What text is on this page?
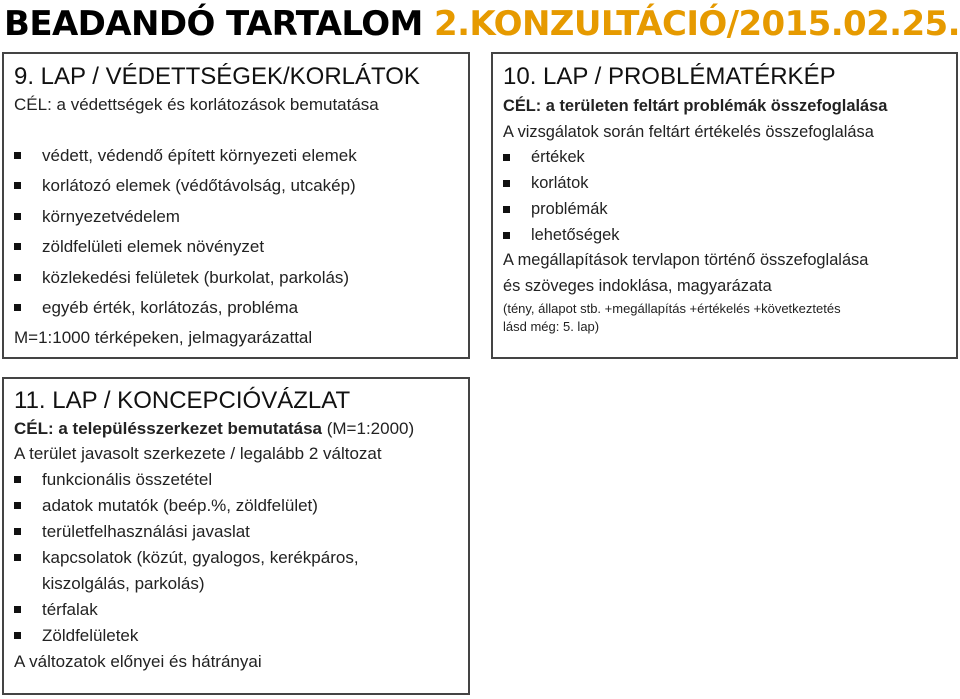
BEADANDÓ TARTALOM 2.KONZULTÁCIÓ/2015.02.25.
9. LAP / VÉDETTSÉGEK/KORLÁTOK
CÉL: a védettségek és korlátozások bemutatása
védett, védendő épített környezeti elemek
korlátozó elemek (védőtávolság, utcakép)
környezetvédelem
zöldfelületi elemek növényzet
közlekedési felületek (burkolat, parkolás)
egyéb érték, korlátozás, probléma
M=1:1000 térképeken, jelmagyarázattal
10. LAP / PROBLÉMATÉRKÉP
CÉL: a területen feltárt problémák összefoglalása
A vizsgálatok során feltárt értékelés összefoglalása
értékek
korlátok
problémák
lehetőségek
A megállapítások tervlapon történő összefoglalása
és szöveges indoklása, magyarázata
(tény, állapot stb. +megállapítás +értékelés +következtetés
lásd még: 5. lap)
11. LAP / KONCEPCIÓVÁZLAT
CÉL: a településszerkezet bemutatása (M=1:2000)
A terület javasolt szerkezete / legalább 2 változat
funkcionális összetétel
adatok mutatók (beép.%, zöldfelület)
területfelhasználási javaslat
kapcsolatok (közút, gyalogos, kerékpáros, kiszolgálás, parkolás)
térfalak
Zöldfelületek
A változatok előnyei és hátrányai
